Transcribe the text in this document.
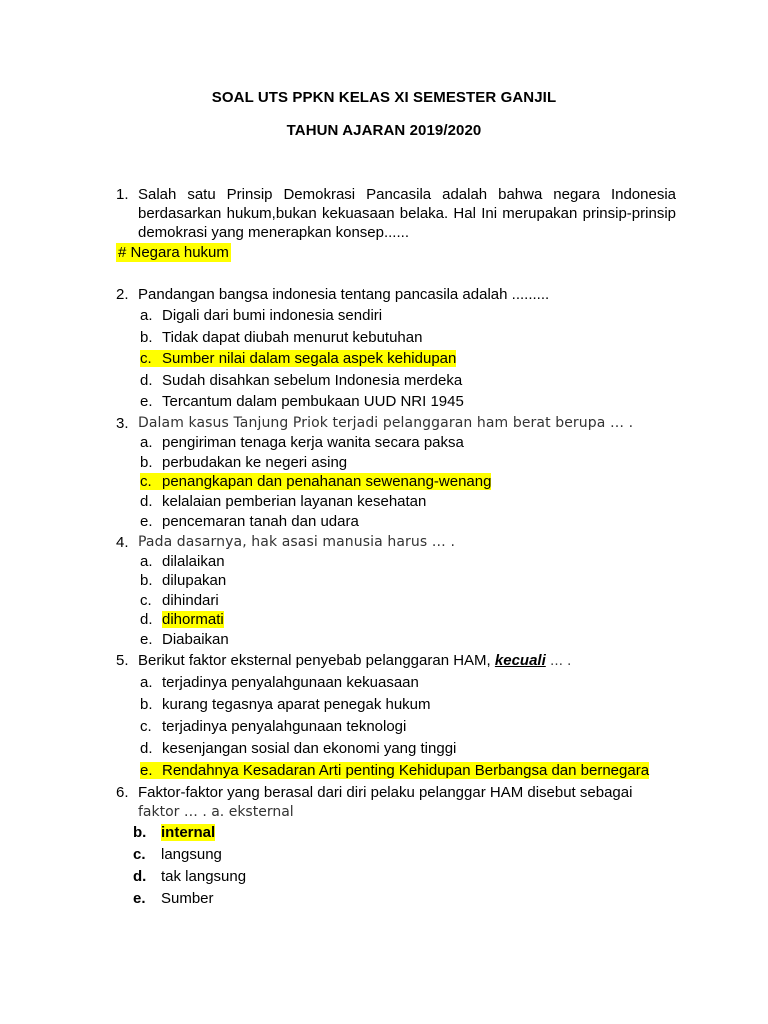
SOAL UTS PPKN KELAS XI SEMESTER GANJIL
TAHUN AJARAN 2019/2020
1. Salah satu Prinsip Demokrasi Pancasila adalah bahwa negara Indonesia berdasarkan hukum,bukan kekuasaan belaka. Hal Ini merupakan prinsip-prinsip demokrasi yang menerapkan konsep......
# Negara hukum
2. Pandangan bangsa indonesia tentang pancasila adalah .........
a. Digali dari bumi indonesia sendiri
b. Tidak dapat diubah menurut kebutuhan
c. Sumber nilai dalam segala aspek kehidupan
d. Sudah disahkan sebelum Indonesia merdeka
e. Tercantum dalam pembukaan UUD NRI 1945
3. Dalam kasus Tanjung Priok terjadi pelanggaran ham berat berupa … .
a. pengiriman tenaga kerja wanita secara paksa
b. perbudakan ke negeri asing
c. penangkapan dan penahanan sewenang-wenang
d. kelalaian pemberian layanan kesehatan
e. pencemaran tanah dan udara
4. Pada dasarnya, hak asasi manusia harus … .
a. dilalaikan
b. dilupakan
c. dihindari
d. dihormati
e. Diabaikan
5. Berikut faktor eksternal penyebab pelanggaran HAM, kecuali … .
a. terjadinya penyalahgunaan kekuasaan
b. kurang tegasnya aparat penegak hukum
c. terjadinya penyalahgunaan teknologi
d. kesenjangan sosial dan ekonomi yang tinggi
e. Rendahnya Kesadaran Arti penting Kehidupan Berbangsa dan bernegara
6. Faktor-faktor yang berasal dari diri pelaku pelanggar HAM disebut sebagai
faktor … . a. eksternal
b. internal
c. langsung
d. tak langsung
e. Sumber
